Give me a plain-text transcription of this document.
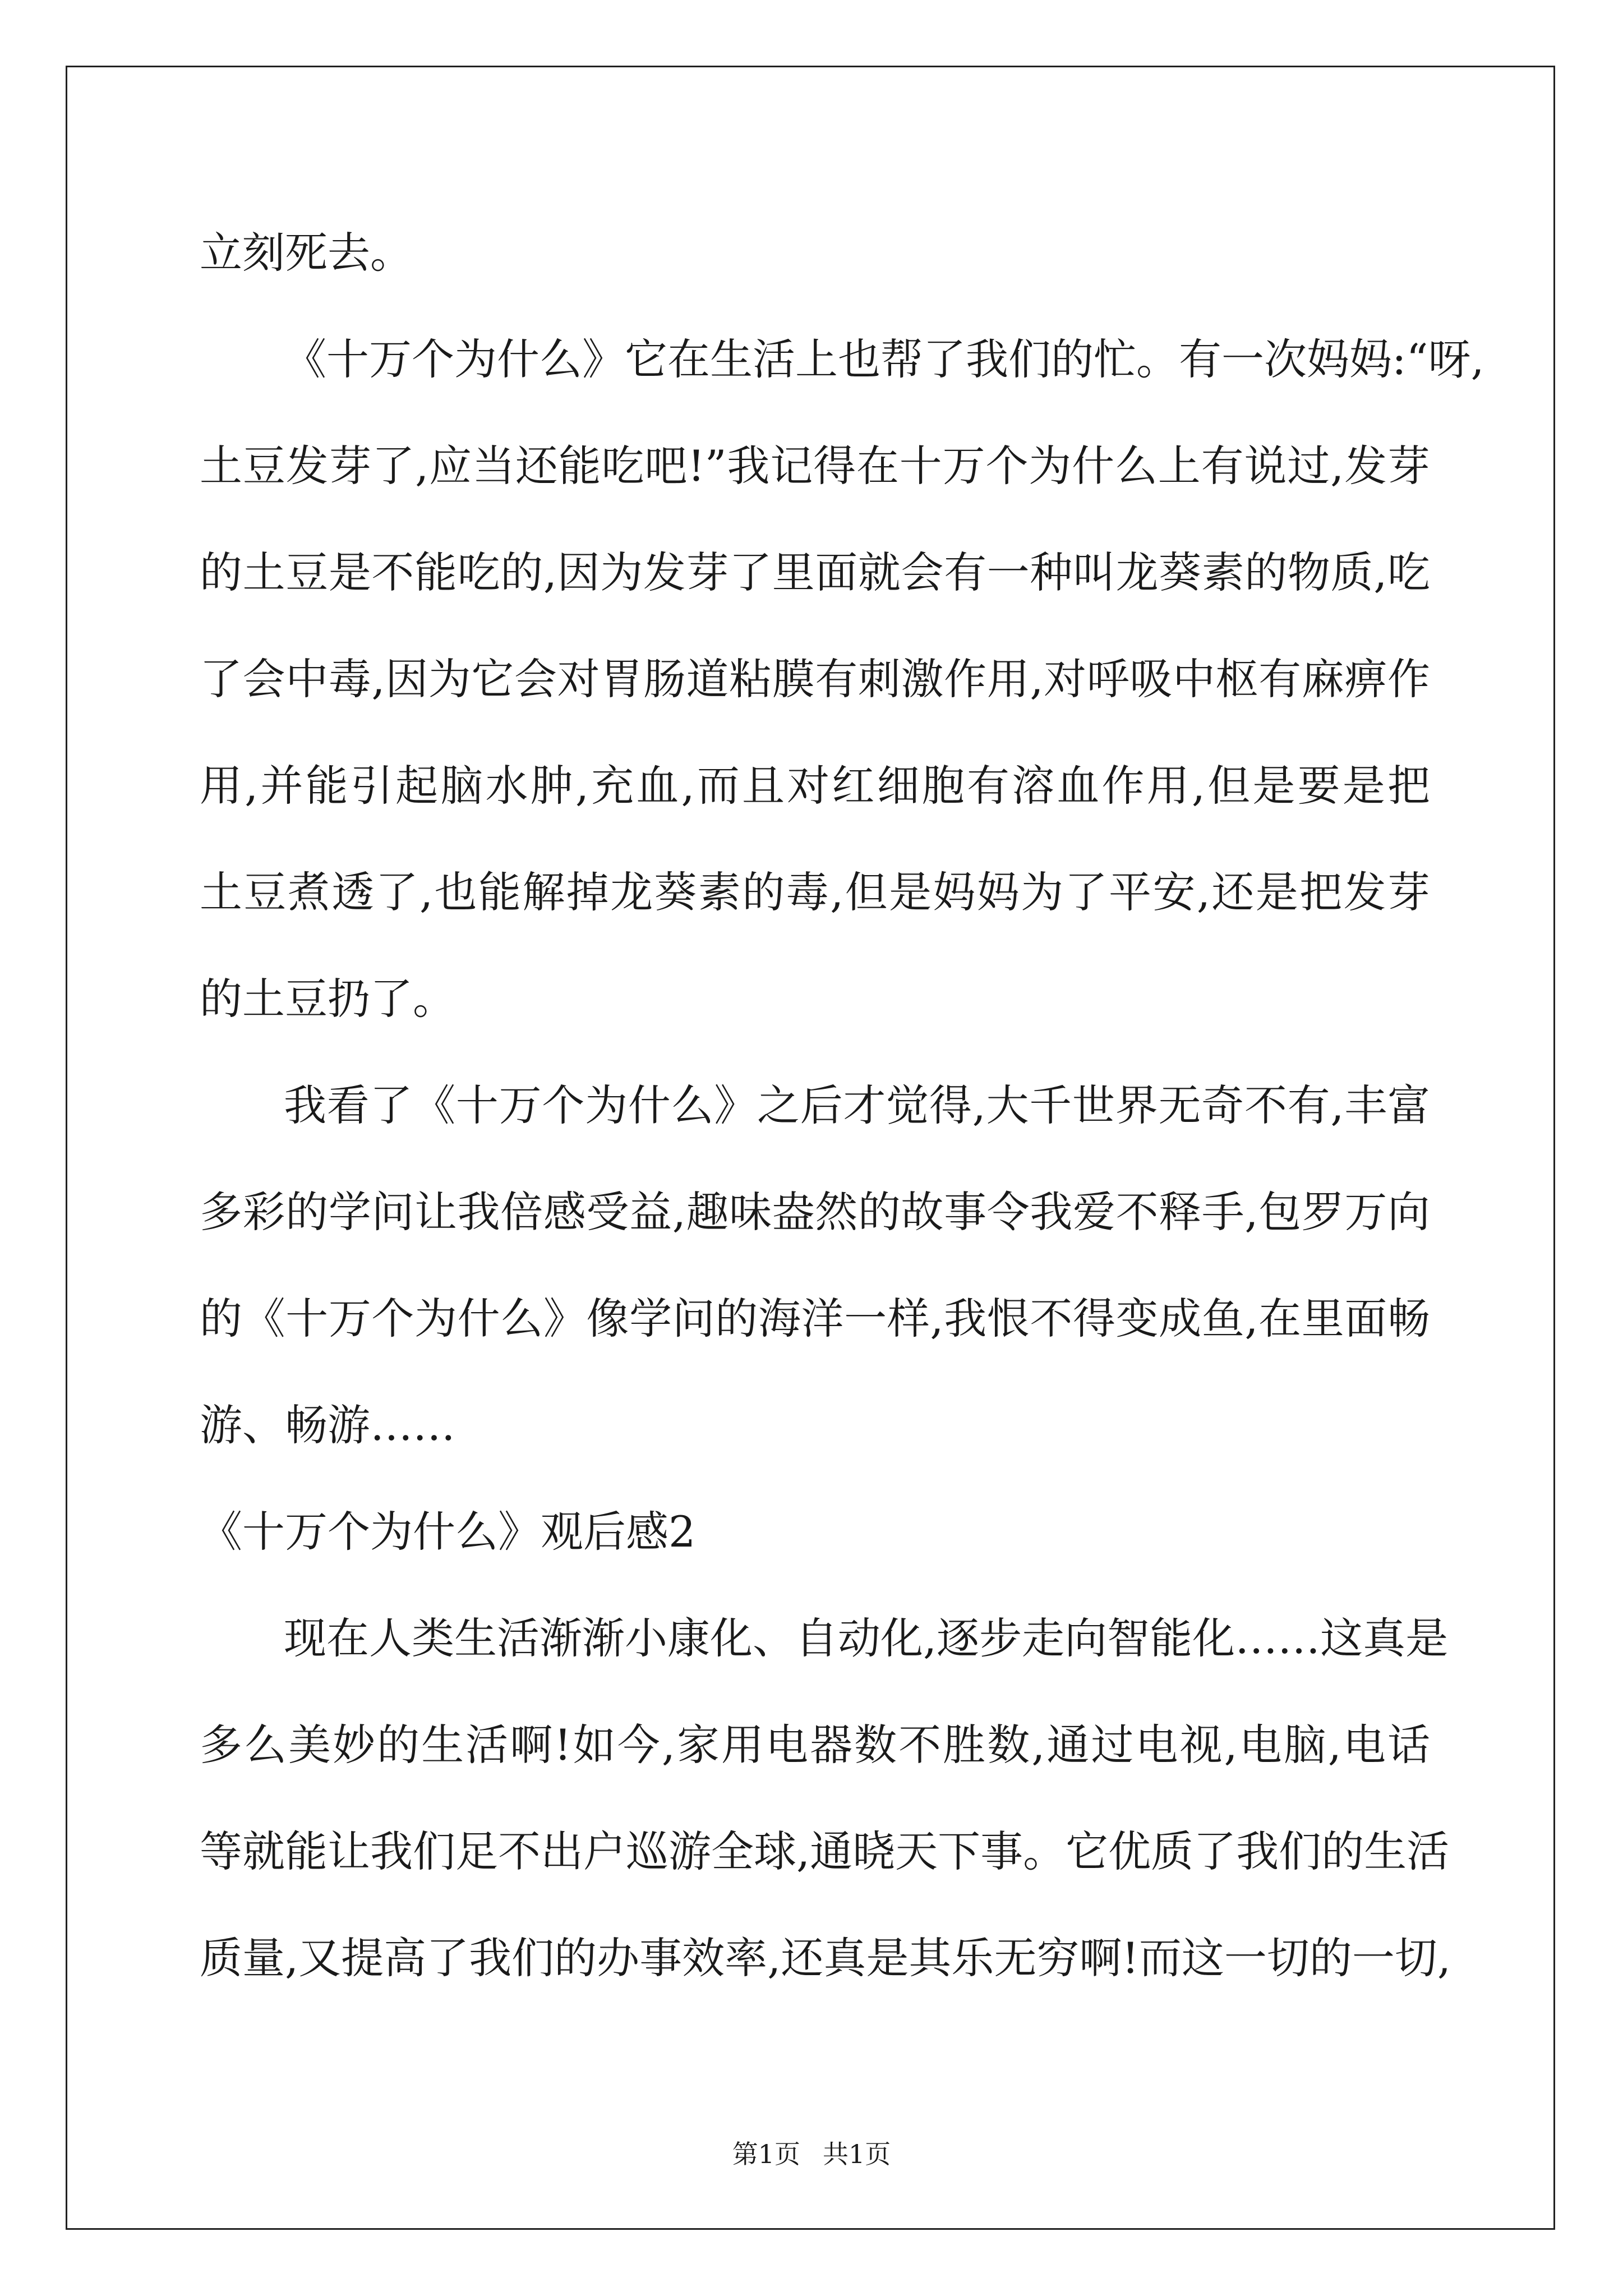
立刻死去。
《十万个为什么》它在生活上也帮了我们的忙。有一次妈妈:“呀,
土豆发芽了,应当还能吃吧!”我记得在十万个为什么上有说过,发芽
的土豆是不能吃的,因为发芽了里面就会有一种叫龙葵素的物质,吃
了会中毒,因为它会对胃肠道粘膜有刺激作用,对呼吸中枢有麻痹作
用,并能引起脑水肿,充血,而且对红细胞有溶血作用,但是要是把
土豆煮透了,也能解掉龙葵素的毒,但是妈妈为了平安,还是把发芽
的土豆扔了。
我看了《十万个为什么》之后才觉得,大千世界无奇不有,丰富
多彩的学问让我倍感受益,趣味盎然的故事令我爱不释手,包罗万向
的《十万个为什么》像学问的海洋一样,我恨不得变成鱼,在里面畅
游、畅游……
《十万个为什么》观后感2
现在人类生活渐渐小康化、自动化,逐步走向智能化……这真是
多么美妙的生活啊!如今,家用电器数不胜数,通过电视,电脑,电话
等就能让我们足不出户巡游全球,通晓天下事。它优质了我们的生活
质量,又提高了我们的办事效率,还真是其乐无穷啊!而这一切的一切,
第1页 共1页
